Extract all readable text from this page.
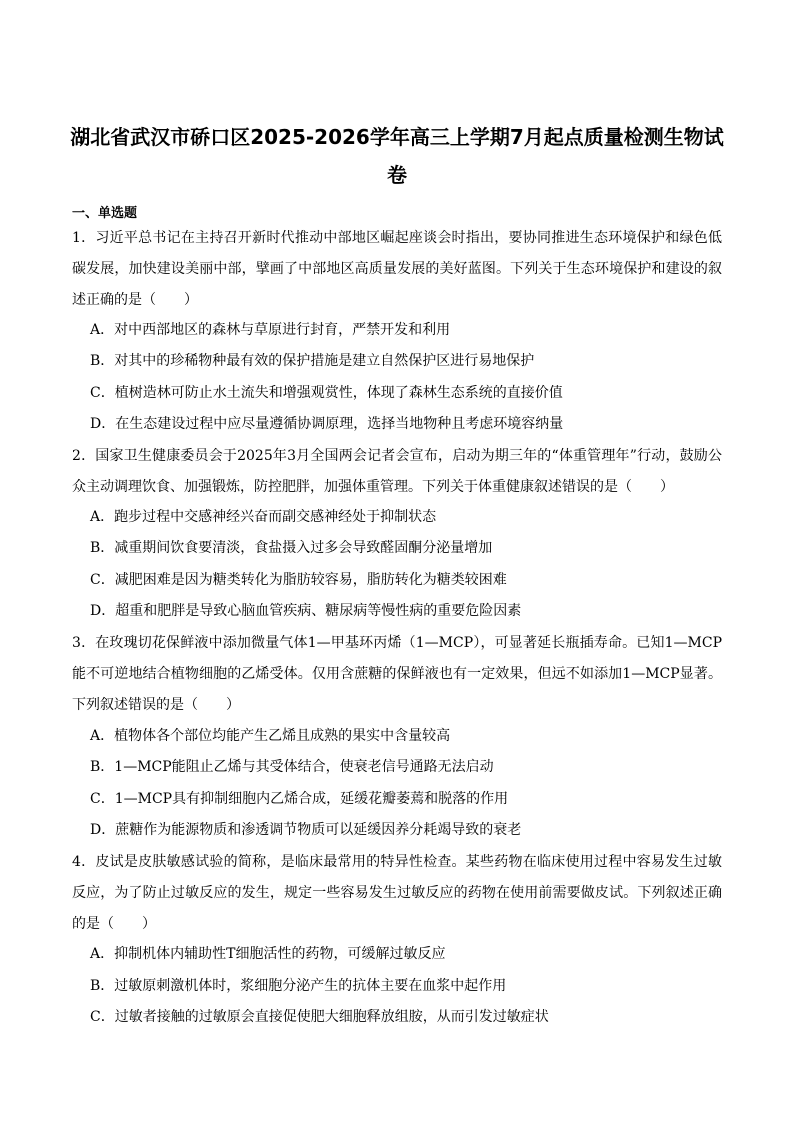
湖北省武汉市硚口区2025-2026学年高三上学期7月起点质量检测生物试
卷
一、单选题
1．习近平总书记在主持召开新时代推动中部地区崛起座谈会时指出，要协同推进生态环境保护和绿色低碳发展，加快建设美丽中部，擘画了中部地区高质量发展的美好蓝图。下列关于生态环境保护和建设的叙述正确的是（　　）
A．对中西部地区的森林与草原进行封育，严禁开发和利用
B．对其中的珍稀物种最有效的保护措施是建立自然保护区进行易地保护
C．植树造林可防止水土流失和增强观赏性，体现了森林生态系统的直接价值
D．在生态建设过程中应尽量遵循协调原理，选择当地物种且考虑环境容纳量
2．国家卫生健康委员会于2025年3月全国两会记者会宣布，启动为期三年的“体重管理年”行动，鼓励公众主动调理饮食、加强锻炼，防控肥胖，加强体重管理。下列关于体重健康叙述错误的是（　　）
A．跑步过程中交感神经兴奋而副交感神经处于抑制状态
B．减重期间饮食要清淡，食盐摄入过多会导致醛固酮分泌量增加
C．减肥困难是因为糖类转化为脂肪较容易，脂肪转化为糖类较困难
D．超重和肥胖是导致心脑血管疾病、糖尿病等慢性病的重要危险因素
3．在玫瑰切花保鲜液中添加微量气体1—甲基环丙烯（1—MCP），可显著延长瓶插寿命。已知1—MCP能不可逆地结合植物细胞的乙烯受体。仅用含蔗糖的保鲜液也有一定效果，但远不如添加1—MCP显著。下列叙述错误的是（　　）
A．植物体各个部位均能产生乙烯且成熟的果实中含量较高
B．1—MCP能阻止乙烯与其受体结合，使衰老信号通路无法启动
C．1—MCP具有抑制细胞内乙烯合成，延缓花瓣萎蔫和脱落的作用
D．蔗糖作为能源物质和渗透调节物质可以延缓因养分耗竭导致的衰老
4．皮试是皮肤敏感试验的简称，是临床最常用的特异性检查。某些药物在临床使用过程中容易发生过敏反应，为了防止过敏反应的发生，规定一些容易发生过敏反应的药物在使用前需要做皮试。下列叙述正确的是（　　）
A．抑制机体内辅助性T细胞活性的药物，可缓解过敏反应
B．过敏原刺激机体时，浆细胞分泌产生的抗体主要在血浆中起作用
C．过敏者接触的过敏原会直接促使肥大细胞释放组胺，从而引发过敏症状
